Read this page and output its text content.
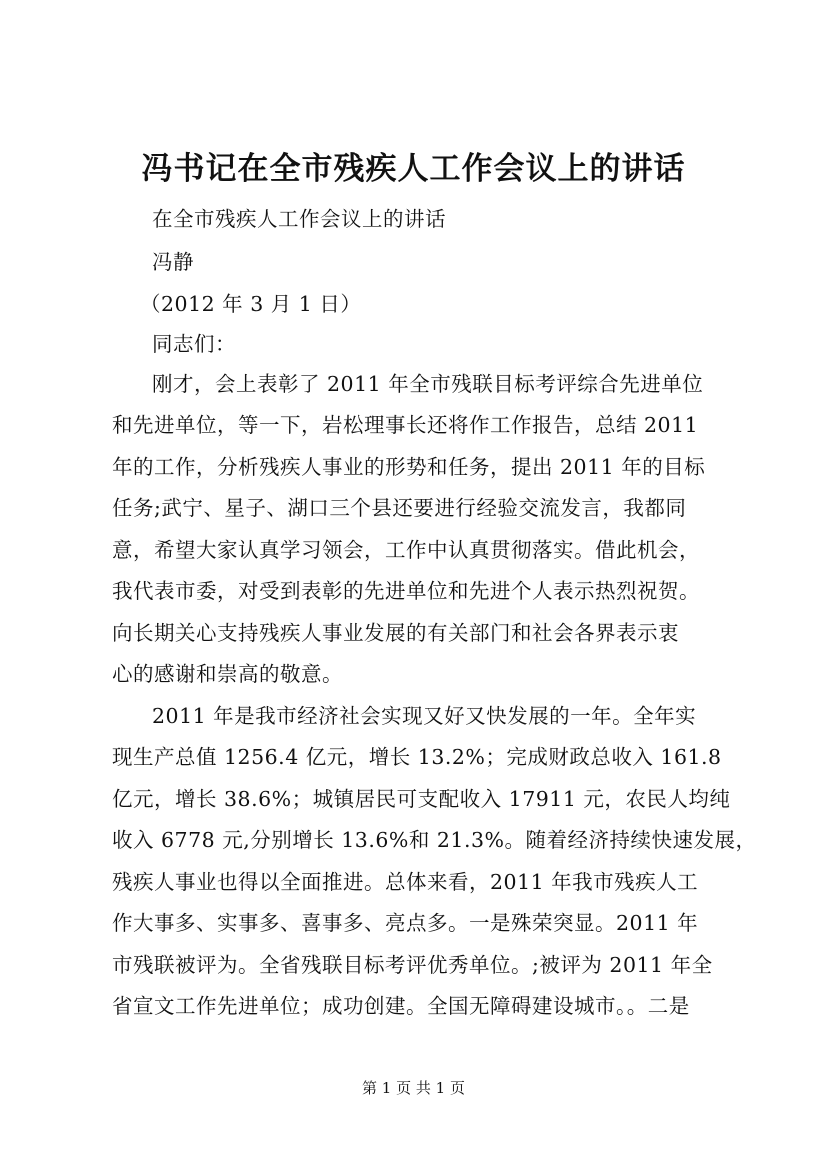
冯书记在全市残疾人工作会议上的讲话
在全市残疾人工作会议上的讲话
冯静
（2012 年 3 月 1 日）
同志们：
刚才，会上表彰了 2011 年全市残联目标考评综合先进单位
和先进单位，等一下，岩松理事长还将作工作报告，总结 2011
年的工作，分析残疾人事业的形势和任务，提出 2011 年的目标
任务;武宁、星子、湖口三个县还要进行经验交流发言，我都同
意，希望大家认真学习领会，工作中认真贯彻落实。借此机会，
我代表市委，对受到表彰的先进单位和先进个人表示热烈祝贺。
向长期关心支持残疾人事业发展的有关部门和社会各界表示衷
心的感谢和崇高的敬意。
2011 年是我市经济社会实现又好又快发展的一年。全年实
现生产总值 1256.4 亿元，增长 13.2%；完成财政总收入 161.8
亿元，增长 38.6%；城镇居民可支配收入 17911 元，农民人均纯
收入 6778 元,分别增长 13.6%和 21.3%。随着经济持续快速发展，
残疾人事业也得以全面推进。总体来看，2011 年我市残疾人工
作大事多、实事多、喜事多、亮点多。一是殊荣突显。2011 年
市残联被评为。全省残联目标考评优秀单位。;被评为 2011 年全
省宣文工作先进单位；成功创建。全国无障碍建设城市。。二是
第 1 页 共 1 页
